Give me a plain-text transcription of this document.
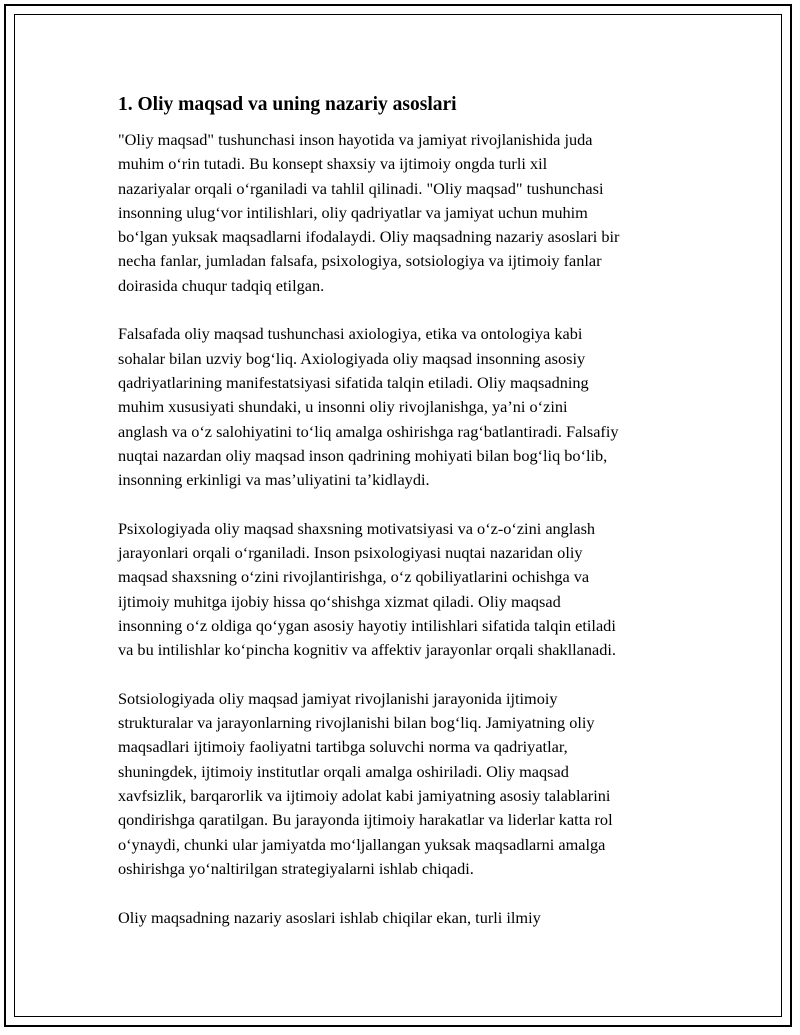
1. Oliy maqsad va uning nazariy asoslari

"Oliy maqsad" tushunchasi inson hayotida va jamiyat rivojlanishida juda
muhim o‘rin tutadi. Bu konsept shaxsiy va ijtimoiy ongda turli xil
nazariyalar orqali o‘rganiladi va tahlil qilinadi. "Oliy maqsad" tushunchasi
insonning ulug‘vor intilishlari, oliy qadriyatlar va jamiyat uchun muhim
bo‘lgan yuksak maqsadlarni ifodalaydi. Oliy maqsadning nazariy asoslari bir
necha fanlar, jumladan falsafa, psixologiya, sotsiologiya va ijtimoiy fanlar
doirasida chuqur tadqiq etilgan.

Falsafada oliy maqsad tushunchasi axiologiya, etika va ontologiya kabi
sohalar bilan uzviy bog‘liq. Axiologiyada oliy maqsad insonning asosiy
qadriyatlarining manifestatsiyasi sifatida talqin etiladi. Oliy maqsadning
muhim xususiyati shundaki, u insonni oliy rivojlanishga, ya’ni o‘zini
anglash va o‘z salohiyatini to‘liq amalga oshirishga rag‘batlantiradi. Falsafiy
nuqtai nazardan oliy maqsad inson qadrining mohiyati bilan bog‘liq bo‘lib,
insonning erkinligi va mas’uliyatini ta’kidlaydi.

Psixologiyada oliy maqsad shaxsning motivatsiyasi va o‘z-o‘zini anglash
jarayonlari orqali o‘rganiladi. Inson psixologiyasi nuqtai nazaridan oliy
maqsad shaxsning o‘zini rivojlantirishga, o‘z qobiliyatlarini ochishga va
ijtimoiy muhitga ijobiy hissa qo‘shishga xizmat qiladi. Oliy maqsad
insonning o‘z oldiga qo‘ygan asosiy hayotiy intilishlari sifatida talqin etiladi
va bu intilishlar ko‘pincha kognitiv va affektiv jarayonlar orqali shakllanadi.

Sotsiologiyada oliy maqsad jamiyat rivojlanishi jarayonida ijtimoiy
strukturalar va jarayonlarning rivojlanishi bilan bog‘liq. Jamiyatning oliy
maqsadlari ijtimoiy faoliyatni tartibga soluvchi norma va qadriyatlar,
shuningdek, ijtimoiy institutlar orqali amalga oshiriladi. Oliy maqsad
xavfsizlik, barqarorlik va ijtimoiy adolat kabi jamiyatning asosiy talablarini
qondirishga qaratilgan. Bu jarayonda ijtimoiy harakatlar va liderlar katta rol
o‘ynaydi, chunki ular jamiyatda mo‘ljallangan yuksak maqsadlarni amalga
oshirishga yo‘naltirilgan strategiyalarni ishlab chiqadi.

Oliy maqsadning nazariy asoslari ishlab chiqilar ekan, turli ilmiy
